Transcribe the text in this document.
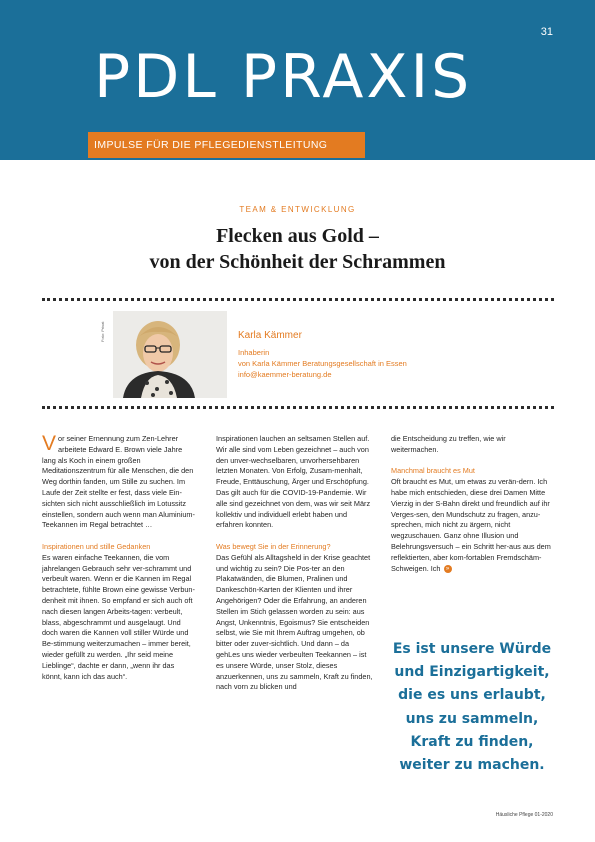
31
PDL PRAXIS
IMPULSE FÜR DIE PFLEGEDIENSTLEITUNG
TEAM & ENTWICKLUNG
Flecken aus Gold –
von der Schönheit der Schrammen
Foto: Privat	Karla Kämmer
Inhaberin
von Karla Kämmer Beratungsgesellschaft in Essen
info@kaemmer-beratung.de

Vor seiner Ernennung zum Zen-Lehrer arbeitete Edward E. Brown viele Jahre lang als Koch in einem großen Meditationszentrum für alle Menschen, die den Weg dorthin fanden, um Stille zu suchen. Im Laufe der Zeit stellte er fest, dass viele Ein-sichten sich nicht ausschließlich im Lotussitz einstellen, sondern auch wenn man Aluminium-Teekannen im Regal betrachtet …

Inspirationen und stille Gedanken

Es waren einfache Teekannen, die vom jahrelangen Gebrauch sehr ver-schrammt und verbeult waren. Wenn er die Kannen im Regal betrachtete, fühlte Brown eine gewisse Verbun-denheit mit ihnen. So empfand er sich auch oft nach diesen langen Arbeits-tagen: verbeult, blass, abgeschrammt und ausgelaugt. Und doch waren die Kannen voll stiller Würde und Be-stimmung weiterzumachen – immer bereit, wieder gefüllt zu werden. „Ihr seid meine Lieblinge“, dachte er dann, „wenn ihr das könnt, kann ich das auch“.

Inspirationen lauchen an seltsamen Stellen auf. Wir alle sind vom Leben gezeichnet – auch von den unver-wechselbaren, unvorhersehbaren letzten Monaten. Von Erfolg, Zusam-menhalt, Freude, Enttäuschung, Ärger und Erschöpfung. Das gilt auch für die COVID-19-Pandemie. Wir alle sind gezeichnet von dem, was wir seit März kollektiv und individuell erlebt haben und erfahren konnten.

Was bewegt Sie in der Erinnerung?

Das Gefühl als Alltagsheld in der Krise geachtet und wichtig zu sein? Die Pos-ter an den Plakatwänden, die Blumen, Pralinen und Dankeschön-Karten der Klienten und ihrer Angehörigen? Oder die Erfahrung, an anderen Stellen im Stich gelassen worden zu sein: aus Angst, Unkenntnis, Egoismus? Sie entscheiden selbst, wie Sie mit Ihrem Auftrag umgehen, ob bitter oder zuver-sichtlich. Und dann – da gehLes uns wieder verbeulten Teekannen – ist es unsere Würde, unser Stolz, dieses anzuerkennen, uns zu sammeln, Kraft zu finden, nach vorn zu blicken und

die Entscheidung zu treffen, wie wir weitermachen.

Manchmal braucht es Mut

Oft braucht es Mut, um etwas zu verän-dern. Ich habe mich entschieden, diese drei Damen Mitte Vierzig in der S-Bahn direkt und freundlich auf ihr Verges-sen, den Mundschutz zu fragen, anzu-sprechen, mich nicht zu ärgern, nicht wegzuschauen. Ganz ohne Illusion und Belehrungsversuch – ein Schritt her-aus aus dem reflektierten, aber kom-fortablen Fremdschäm-Schweigen. Ich »

Es ist unsere Würde
und Einzigartigkeit,
die es uns erlaubt,
uns zu sammeln,
Kraft zu finden,
weiter zu machen.
Häusliche Pflege 01-2020
